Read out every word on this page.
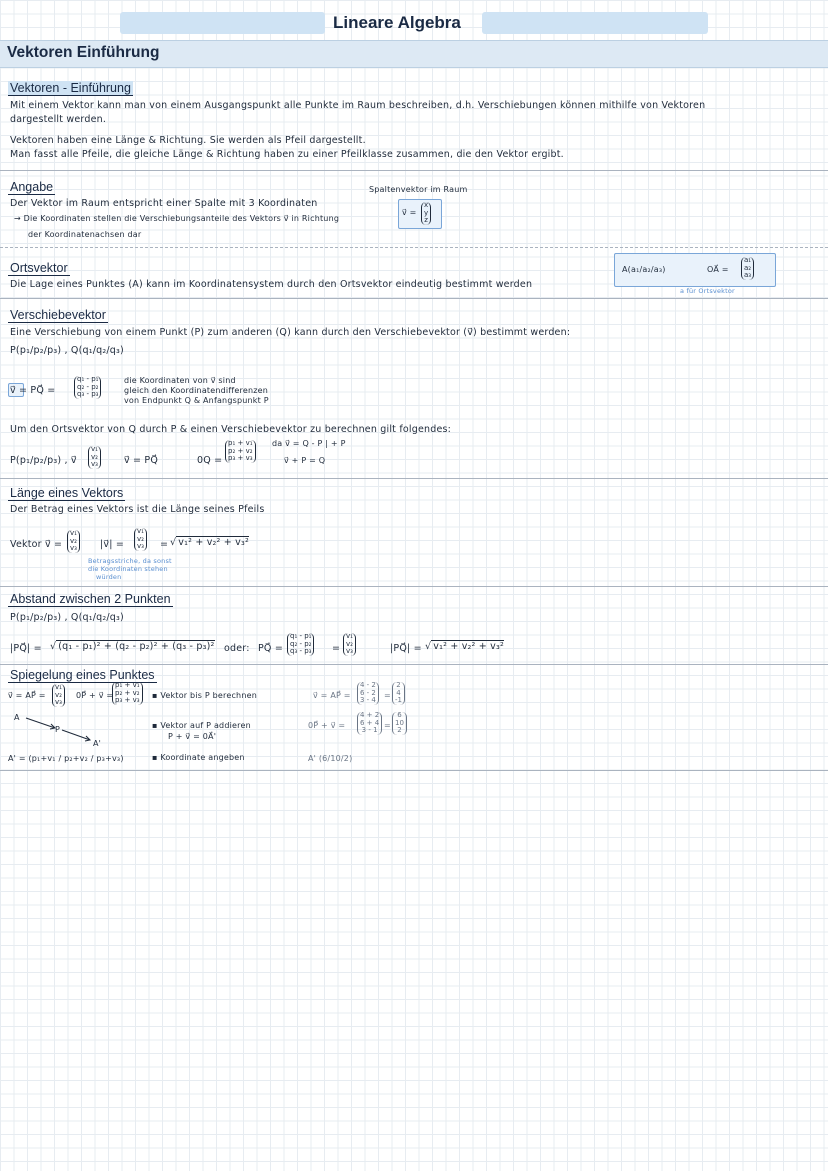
Lineare Algebra
Vektoren Einführung
Vektoren - Einführung
Mit einem Vektor kann man von einem Ausgangspunkt alle Punkte im Raum beschreiben, d.h. Verschiebungen können mithilfe von Vektoren
dargestellt werden.
Vektoren haben eine Länge & Richtung. Sie werden als Pfeil dargestellt.
Man fasst alle Pfeile, die gleiche Länge & Richtung haben zu einer Pfeilklasse zusammen, die den Vektor ergibt.
Angabe
Der Vektor im Raum entspricht einer Spalte mit 3 Koordinaten
→ Die Koordinaten stellen die Verschiebungsanteile des Vektors v⃗ in Richtung
der Koordinatenachsen dar
Spaltenvektor im Raum
v⃗ =
x
y
z
Ortsvektor
Die Lage eines Punktes (A) kann im Koordinatensystem durch den Ortsvektor eindeutig bestimmt werden
A(a₁/a₂/a₃)	OA⃗ =
a₁
a₂
a₃
a für Ortsvektor
Verschiebevektor
Eine Verschiebung von einem Punkt (P) zum anderen (Q) kann durch den Verschiebevektor (v⃗) bestimmt werden:
P(p₁/p₂/p₃) , Q(q₁/q₂/q₃)
v⃗ = PQ⃗ =
q₁ - p₁
q₂ - p₂
q₃ - p₃
die Koordinaten von v⃗ sind
gleich den Koordinatendifferenzen
von Endpunkt Q & Anfangspunkt P
Um den Ortsvektor von Q durch P & einen Verschiebevektor zu berechnen gilt folgendes:
P(p₁/p₂/p₃) , v⃗
v₁
v₂
v₃	v⃗ = PQ⃗	0Q =
p₁ + v₁
p₂ + v₂
p₃ + v₃
da v⃗ = Q - P | + P
v⃗ + P = Q
Länge eines Vektors
Der Betrag eines Vektors ist die Länge seines Pfeils
Vektor v⃗ =
v₁
v₂
v₃ |v⃗| =
v₁
v₂
v₃ = √ v₁² + v₂² + v₃²
Betragsstriche, da sonst
die Koordinaten stehen
würden
Abstand zwischen 2 Punkten
P(p₁/p₂/p₃) , Q(q₁/q₂/q₃)
|PQ⃗| = √ (q₁ - p₁)² + (q₂ - p₂)² + (q₃ - p₃)² oder: PQ⃗ =
q₁ - p₁
q₂ - p₂
q₃ - p₃ =
v₁
v₂
v₃	|PQ⃗| = √ v₁² + v₂² + v₃²
Spiegelung eines Punktes
v⃗ = AP⃗ =
v₁
v₂
v₃
0P⃗ + v⃗ =
p₁ + v₁
p₂ + v₂
p₃ + v₃
A
P
A'
▪ Vektor bis P berechnen
▪ Vektor auf P addieren
P + v⃗ = 0A⃗'
▪ Koordinate angeben
A' = (p₁+v₁ / p₂+v₂ / p₃+v₃)
v⃗ = AP⃗ =
4 - 2
6 - 2
3 - 4 =
2
4
-1
0P⃗ + v⃗ =
4 + 2
6 + 4
3 - 1 =
6
10
2
A' (6/10/2)
